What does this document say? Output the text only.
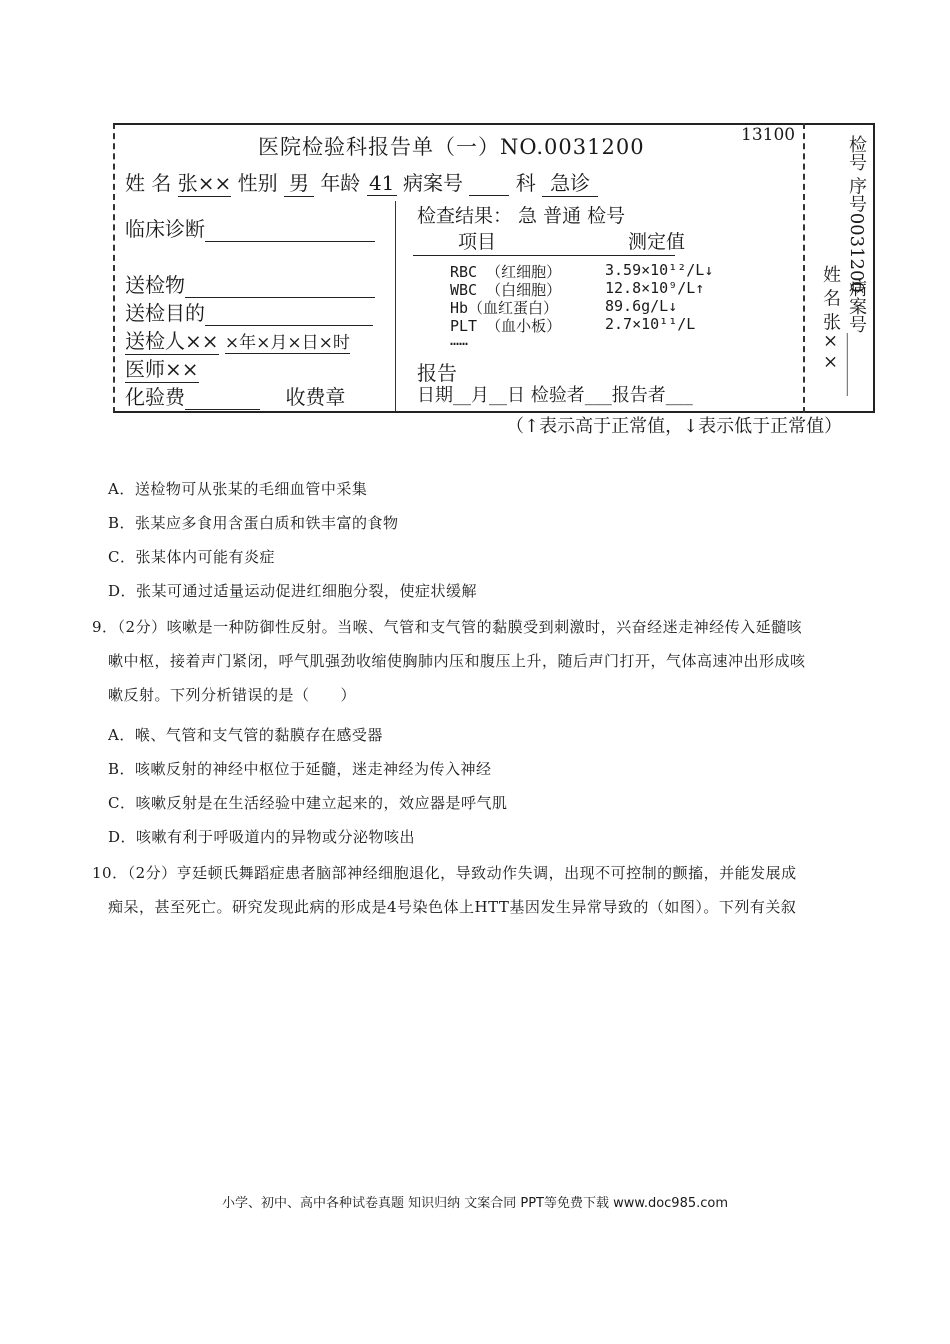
医院检验科报告单（一）NO.0031200	13100
姓 名 张×× 性别 男 年龄 41 病案号	科 急诊
临床诊断
送检物
送检目的
送检人×× ×年×月×日×时
医师××
化验费	收费章
检查结果： 急 普通 检号
项目	测定值
RBC （红细胞）	3.59×10¹²/L↓
WBC （白细胞）	12.8×10⁹/L↑
Hb（血红蛋白）	89.6g/L↓
PLT （血小板）	2.7×10¹¹/L
……
报告
日期__月__日 检验者___报告者___
检号 序号0031200
姓 名 张×× 病案号_______
（↑表示高于正常值，↓表示低于正常值）
A．送检物可从张某的毛细血管中采集
B．张某应多食用含蛋白质和铁丰富的食物
C．张某体内可能有炎症
D．张某可通过适量运动促进红细胞分裂，使症状缓解
9．（2分）咳嗽是一种防御性反射。当喉、气管和支气管的黏膜受到刺激时，兴奋经迷走神经传入延髓咳
嗽中枢，接着声门紧闭，呼气肌强劲收缩使胸肺内压和腹压上升，随后声门打开，气体高速冲出形成咳
嗽反射。下列分析错误的是（　　）
A．喉、气管和支气管的黏膜存在感受器
B．咳嗽反射的神经中枢位于延髓，迷走神经为传入神经
C．咳嗽反射是在生活经验中建立起来的，效应器是呼气肌
D．咳嗽有利于呼吸道内的异物或分泌物咳出
10．（2分）亨廷顿氏舞蹈症患者脑部神经细胞退化，导致动作失调，出现不可控制的颤搐，并能发展成
痴呆，甚至死亡。研究发现此病的形成是4号染色体上HTT基因发生异常导致的（如图）。下列有关叙
小学、初中、高中各种试卷真题 知识归纳 文案合同 PPT等免费下载 www.doc985.com
